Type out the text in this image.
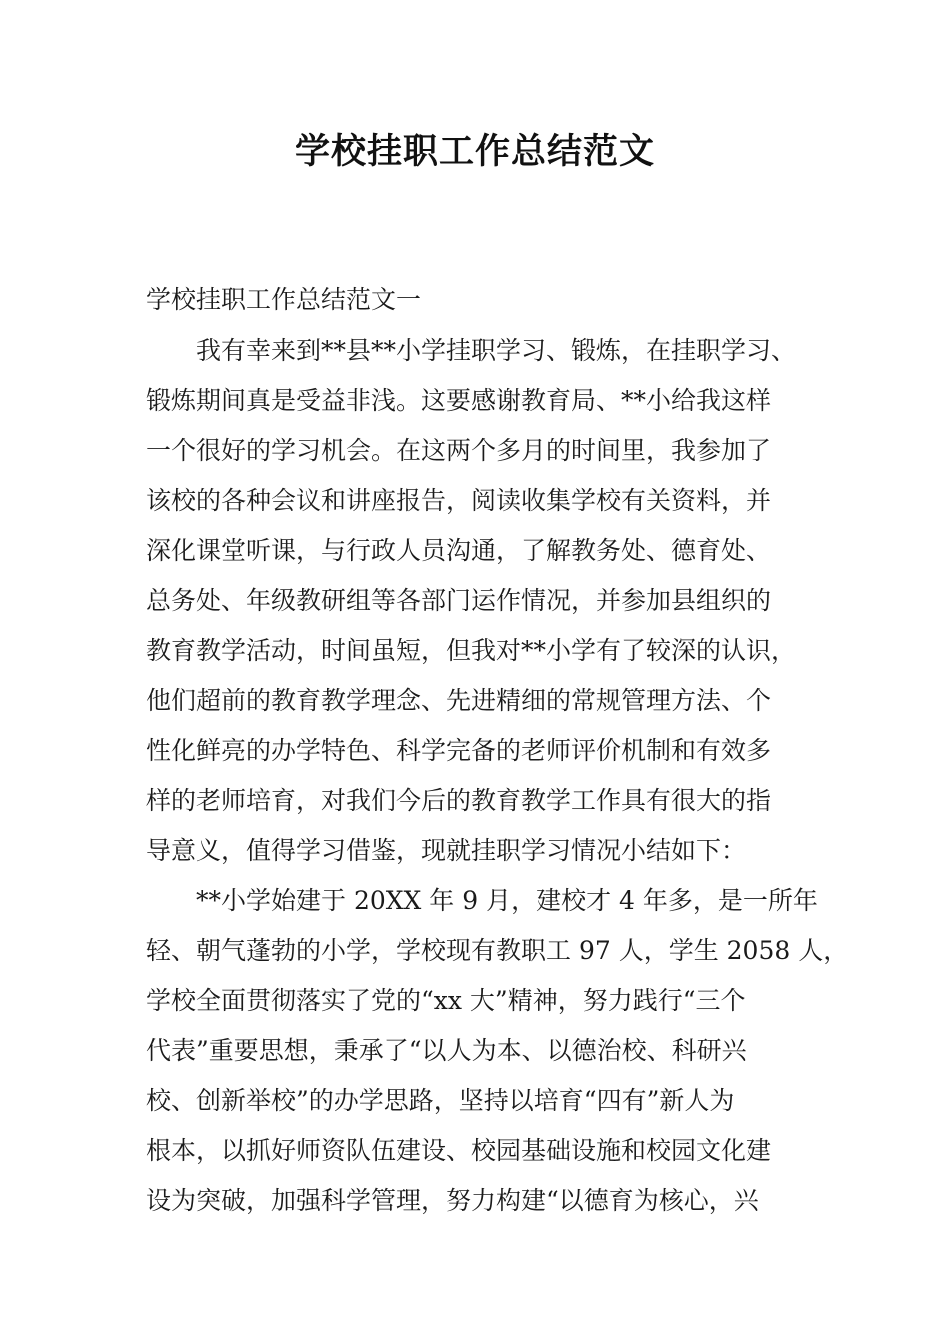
学校挂职工作总结范文

学校挂职工作总结范文一

我有幸来到**县**小学挂职学习、锻炼，在挂职学习、

锻炼期间真是受益非浅。这要感谢教育局、**小给我这样

一个很好的学习机会。在这两个多月的时间里，我参加了

该校的各种会议和讲座报告，阅读收集学校有关资料，并

深化课堂听课，与行政人员沟通，了解教务处、德育处、

总务处、年级教研组等各部门运作情况，并参加县组织的

教育教学活动，时间虽短，但我对**小学有了较深的认识，

他们超前的教育教学理念、先进精细的常规管理方法、个

性化鲜亮的办学特色、科学完备的老师评价机制和有效多

样的老师培育，对我们今后的教育教学工作具有很大的指

导意义，值得学习借鉴，现就挂职学习情况小结如下：

**小学始建于 20XX 年 9 月，建校才 4 年多，是一所年

轻、朝气蓬勃的小学，学校现有教职工 97 人，学生 2058 人，

学校全面贯彻落实了党的“xx 大”精神，努力践行“三个

代表”重要思想，秉承了“以人为本、以德治校、科研兴

校、创新举校”的办学思路，坚持以培育“四有”新人为

根本，以抓好师资队伍建设、校园基础设施和校园文化建

设为突破，加强科学管理，努力构建“以德育为核心，兴
